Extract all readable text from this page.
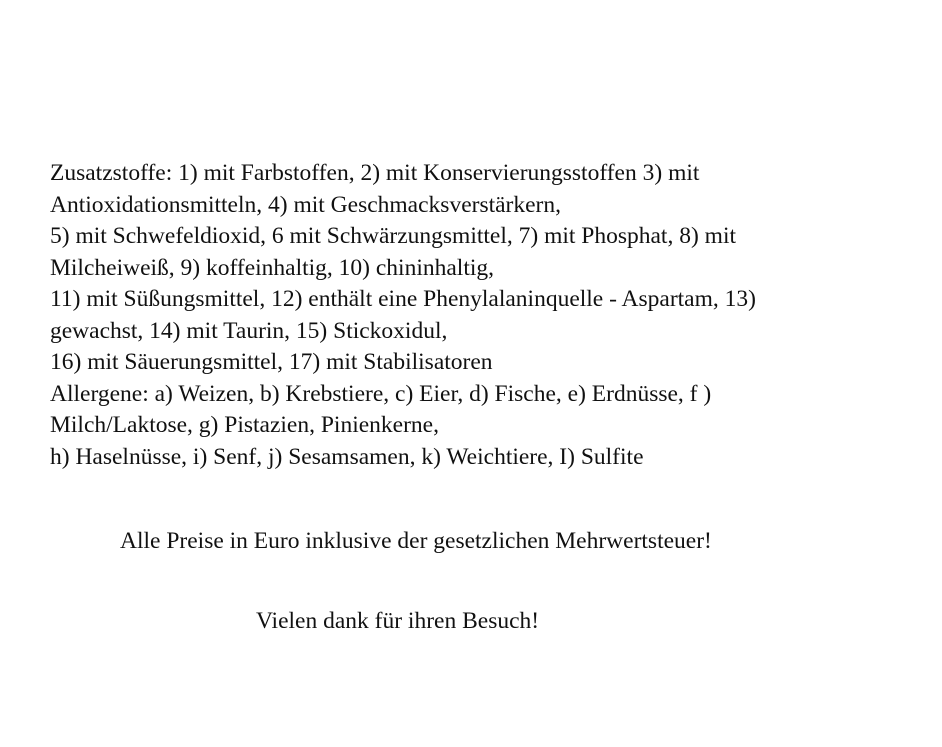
Zusatzstoffe: 1) mit Farbstoffen, 2) mit Konservierungsstoffen 3) mit

Antioxidationsmitteln, 4) mit Geschmacksverstärkern,

5) mit Schwefeldioxid, 6 mit Schwärzungsmittel, 7) mit Phosphat, 8) mit

Milcheiweiß, 9) koffeinhaltig, 10) chininhaltig,

11) mit Süßungsmittel, 12) enthält eine Phenylalaninquelle - Aspartam, 13)

gewachst, 14) mit Taurin, 15) Stickoxidul,

16) mit Säuerungsmittel, 17) mit Stabilisatoren

Allergene: a) Weizen, b) Krebstiere, c) Eier, d) Fische, e) Erdnüsse, f )

Milch/Laktose, g) Pistazien, Pinienkerne,

h) Haselnüsse, i) Senf, j) Sesamsamen, k) Weichtiere, I) Sulfite

Alle Preise in Euro inklusive der gesetzlichen Mehrwertsteuer!

Vielen dank für ihren Besuch!
